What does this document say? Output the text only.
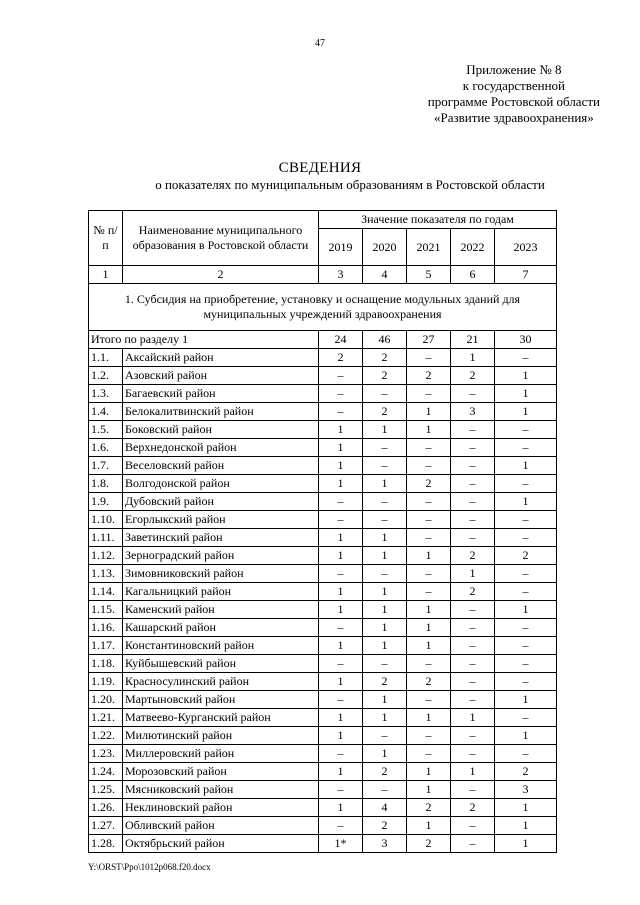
47
Приложение № 8
к государственной
программе Ростовской области
«Развитие здравоохранения»
СВЕДЕНИЯ
о показателях по муниципальным образованиям в Ростовской области
№ п/п	Наименование муниципального образования в Ростовской области	Значение показателя по годам				
		2019	2020	2021	2022	2023
1	2	3	4	5	6	7
1. Субсидия на приобретение, установку и оснащение модульных зданий для муниципальных учреждений здравоохранения						
Итого по разделу 1		24	46	27	21	30
1.1.	Аксайский район	2	2	–	1	–
1.2.	Азовский район	–	2	2	2	1
1.3.	Багаевский район	–	–	–	–	1
1.4.	Белокалитвинский район	–	2	1	3	1
1.5.	Боковский район	1	1	1	–	–
1.6.	Верхнедонской район	1	–	–	–	–
1.7.	Веселовский район	1	–	–	–	1
1.8.	Волгодонской район	1	1	2	–	–
1.9.	Дубовский район	–	–	–	–	1
1.10.	Егорлыкский район	–	–	–	–	–
1.11.	Заветинский район	1	1	–	–	–
1.12.	Зерноградский район	1	1	1	2	2
1.13.	Зимовниковский район	–	–	–	1	–
1.14.	Кагальницкий район	1	1	–	2	–
1.15.	Каменский район	1	1	1	–	1
1.16.	Кашарский район	–	1	1	–	–
1.17.	Константиновский район	1	1	1	–	–
1.18.	Куйбышевский район	–	–	–	–	–
1.19.	Красносулинский район	1	2	2	–	–
1.20.	Мартыновский район	–	1	–	–	1
1.21.	Матвеево-Курганский район	1	1	1	1	–
1.22.	Милютинский район	1	–	–	–	1
1.23.	Миллеровский район	–	1	–	–	–
1.24.	Морозовский район	1	2	1	1	2
1.25.	Мясниковский район	–	–	1	–	3
1.26.	Неклиновский район	1	4	2	2	1
1.27.	Обливский район	–	2	1	–	1
1.28.	Октябрьский район	1*	3	2	–	1
Y:\ORST\Ppo\1012p068.f20.docx
